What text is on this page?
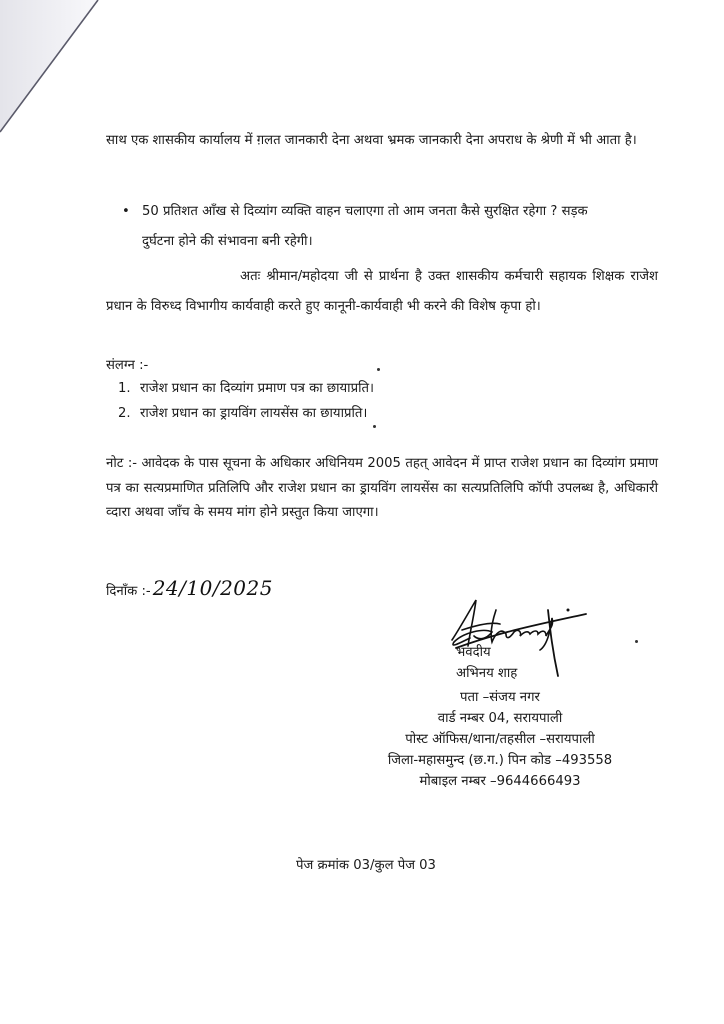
साथ एक शासकीय कार्यालय में ग़लत जानकारी देना अथवा भ्रमक जानकारी देना अपराध के श्रेणी में भी आता है।
• 50 प्रतिशत आँख से दिव्यांग व्यक्ति वाहन चलाएगा तो आम जनता कैसे सुरक्षित रहेगा ? सड़क दुर्घटना होने की संभावना बनी रहेगी।
अतः श्रीमान/महोदया जी से प्रार्थना है उक्त शासकीय कर्मचारी सहायक शिक्षक राजेश प्रधान के विरुध्द विभागीय कार्यवाही करते हुए कानूनी-कार्यवाही भी करने की विशेष कृपा हो।
संलग्न :-
1. राजेश प्रधान का दिव्यांग प्रमाण पत्र का छायाप्रति।
2. राजेश प्रधान का ड्रायविंग लायसेंस का छायाप्रति।
नोट :- आवेदक के पास सूचना के अधिकार अधिनियम 2005 तहत् आवेदन में प्राप्त राजेश प्रधान का दिव्यांग प्रमाण पत्र का सत्यप्रमाणित प्रतिलिपि और राजेश प्रधान का ड्रायविंग लायसेंस का सत्यप्रतिलिपि कॉपी उपलब्ध है, अधिकारी व्दारा अथवा जाँच के समय मांग होने प्रस्तुत किया जाएगा।
दिनाँक :- 24/10/2025
भवदीय
अभिनय शाह
पता –संजय नगर
वार्ड नम्बर 04, सरायपाली
पोस्ट ऑफिस/थाना/तहसील –सरायपाली
जिला-महासमुन्द (छ.ग.) पिन कोड –493558
मोबाइल नम्बर –9644666493
पेज क्रमांक 03/कुल पेज 03
